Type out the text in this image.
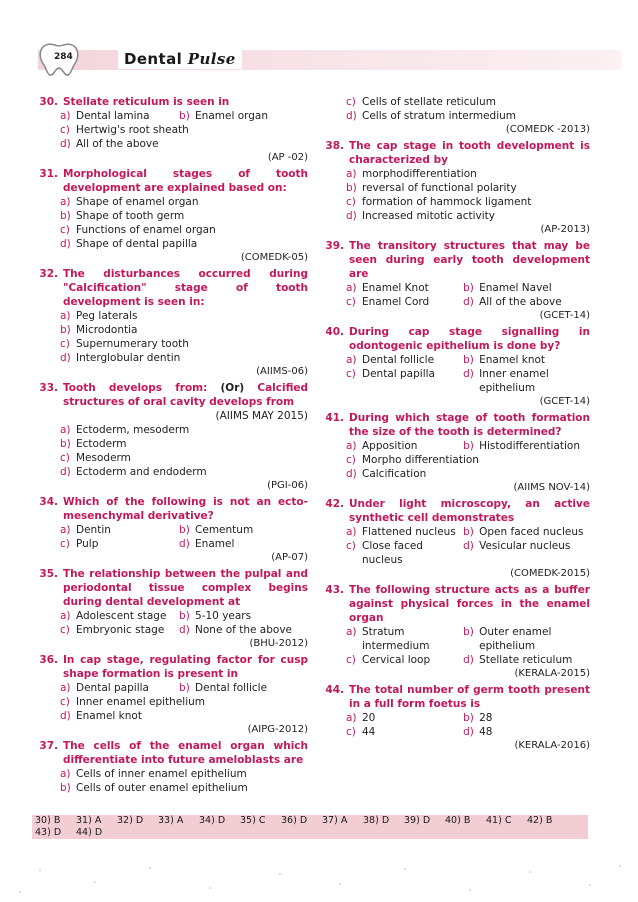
284	Dental Pulse
30. Stellate reticulum is seen in
a) Dental lamina	b) Enamel organ
c) Hertwig's root sheath
d) All of the above
(AP -02)
31. Morphological stages of tooth development are explained based on:
a) Shape of enamel organ
b) Shape of tooth germ
c) Functions of enamel organ
d) Shape of dental papilla
(COMEDK-05)
32. The disturbances occurred during "Calcification" stage of tooth development is seen in:
a) Peg laterals
b) Microdontia
c) Supernumerary tooth
d) Interglobular dentin
(AIIMS-06)
33. Tooth develops from: (Or) Calcified structures of oral cavity develops from
(AIIMS MAY 2015)
a) Ectoderm, mesoderm
b) Ectoderm
c) Mesoderm
d) Ectoderm and endoderm
(PGI-06)
34. Which of the following is not an ecto-mesenchymal derivative?
a) Dentin	b) Cementum
c) Pulp	d) Enamel
(AP-07)
35. The relationship between the pulpal and periodontal tissue complex begins during dental development at
a) Adolescent stage b) 5-10 years
c) Embryonic stage d) None of the above
(BHU-2012)
36. In cap stage, regulating factor for cusp shape formation is present in
a) Dental papilla	b) Dental follicle
c) Inner enamel epithelium
d) Enamel knot
(AIPG-2012)
37. The cells of the enamel organ which differentiate into future ameloblasts are
a) Cells of inner enamel epithelium
b) Cells of outer enamel epithelium
c) Cells of stellate reticulum
d) Cells of stratum intermedium
(COMEDK -2013)
38. The cap stage in tooth development is characterized by
a) morphodifferentiation
b) reversal of functional polarity
c) formation of hammock ligament
d) Increased mitotic activity
(AP-2013)
39. The transitory structures that may be seen during early tooth development are
a) Enamel Knot	b) Enamel Navel
c) Enamel Cord	d) All of the above
(GCET-14)
40. During cap stage signalling in odontogenic epithelium is done by?
a) Dental follicle	b) Enamel knot
c) Dental papilla	d) Inner enamel epithelium
(GCET-14)
41. During which stage of tooth formation the size of the tooth is determined?
a) Apposition	b) Histodifferentiation
c) Morpho differentiation
d) Calcification
(AIIMS NOV-14)
42. Under light microscopy, an active synthetic cell demonstrates
a) Flattened nucleus b) Open faced nucleus
c) Close faced nucleus
d) Vesicular nucleus
(COMEDK-2015)
43. The following structure acts as a buffer against physical forces in the enamel organ
a) Stratum intermedium
b) Outer enamel epithelium
c) Cervical loop	d) Stellate reticulum
(KERALA-2015)
44. The total number of germ tooth present in a full form foetus is
a) 20	b) 28
c) 44	d) 48
(KERALA-2016)
30) B	31) A	32) D	33) A	34) D	35) C	36) D	37) A	38) D	39) D	40) B	41) C	42) B
43) D	44) D
